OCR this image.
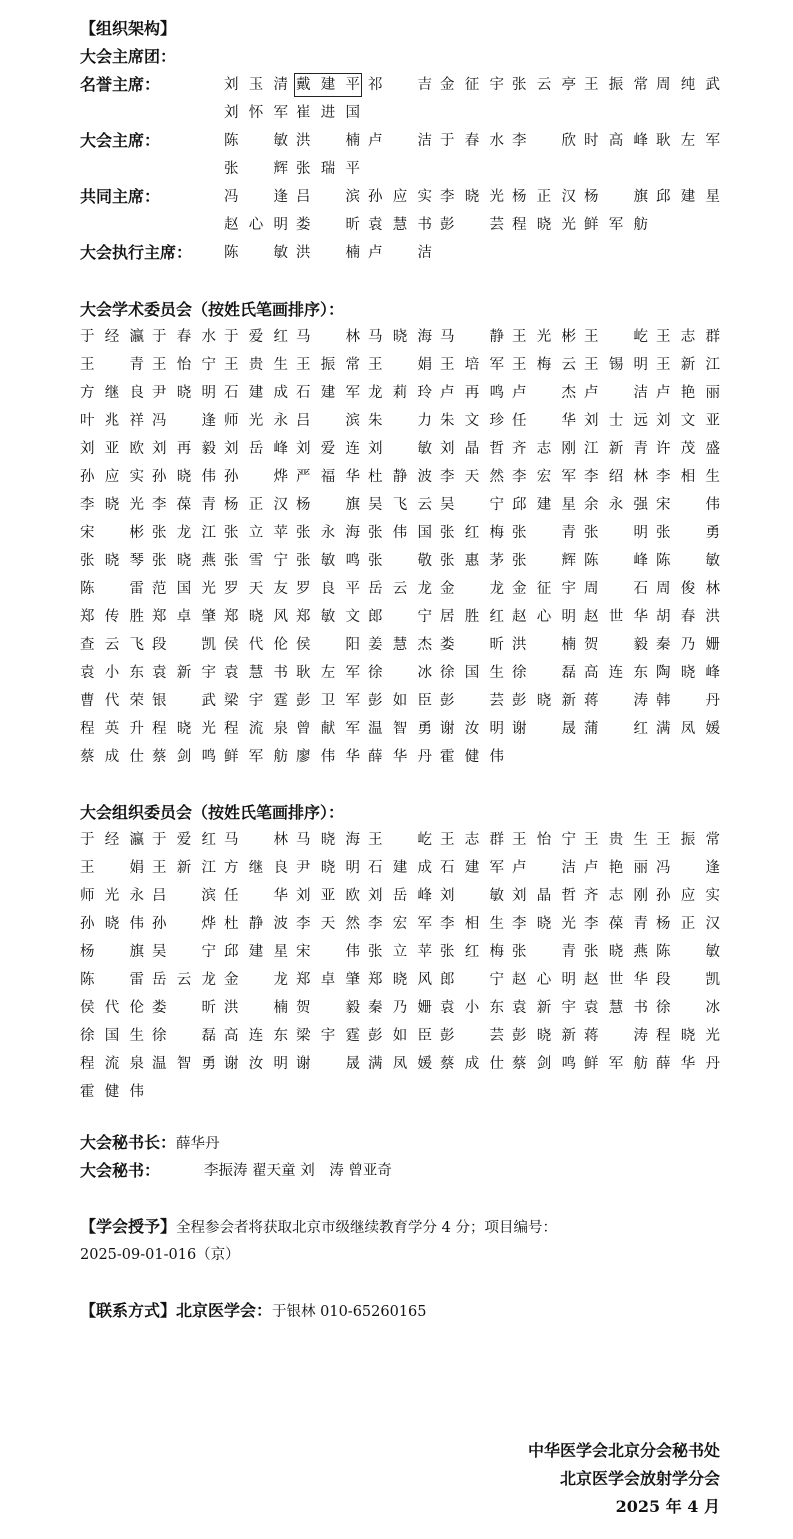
【组织架构】
大会主席团：
名誉主席：	刘玉清 戴建平 祁　吉 金征宇 张云亭 王振常 周纯武
刘怀军 崔进国
大会主席：	陈　敏 洪　楠 卢　洁 于春水 李　欣 时高峰 耿左军
张　辉 张瑞平
共同主席：	冯　逢 吕　滨 孙应实 李晓光 杨正汉 杨　旗 邱建星
赵心明 娄　昕 袁慧书 彭　芸 程晓光 鲜军舫
大会执行主席： 陈　敏 洪　楠 卢　洁
大会学术委员会（按姓氏笔画排序）：
于经瀛 于春水 于爱红 马　林 马晓海 马　静 王光彬 王　屹 王志群
王　青 王怡宁 王贵生 王振常 王　娟 王培军 王梅云 王锡明 王新江
方继良 尹晓明 石建成 石建军 龙莉玲 卢再鸣 卢　杰 卢　洁 卢艳丽
叶兆祥 冯　逢 师光永 吕　滨 朱　力 朱文珍 任　华 刘士远 刘文亚
刘亚欧 刘再毅 刘岳峰 刘爱连 刘　敏 刘晶哲 齐志刚 江新青 许茂盛
孙应实 孙晓伟 孙　烨 严福华 杜静波 李天然 李宏军 李绍林 李相生
李晓光 李葆青 杨正汉 杨　旗 吴飞云 吴　宁 邱建星 余永强 宋　伟
宋　彬 张龙江 张立苹 张永海 张伟国 张红梅 张　青 张　明 张　勇
张晓琴 张晓燕 张雪宁 张敏鸣 张　敬 张惠茅 张　辉 陈　峰 陈　敏
陈　雷 范国光 罗天友 罗良平 岳云龙 金　龙 金征宇 周　石 周俊林
郑传胜 郑卓肇 郑晓风 郑敏文 郎　宁 居胜红 赵心明 赵世华 胡春洪
查云飞 段　凯 侯代伦 侯　阳 姜慧杰 娄　昕 洪　楠 贺　毅 秦乃姗
袁小东 袁新宇 袁慧书 耿左军 徐　冰 徐国生 徐　磊 高连东 陶晓峰
曹代荣 银　武 梁宇霆 彭卫军 彭如臣 彭　芸 彭晓新 蒋　涛 韩　丹
程英升 程晓光 程流泉 曾献军 温智勇 谢汝明 谢　晟 蒲　红 满凤媛
蔡成仕 蔡剑鸣 鲜军舫 廖伟华 薛华丹 霍健伟
大会组织委员会（按姓氏笔画排序）：
于经瀛 于爱红 马　林 马晓海 王　屹 王志群 王怡宁 王贵生 王振常
王　娟 王新江 方继良 尹晓明 石建成 石建军 卢　洁 卢艳丽 冯　逢
师光永 吕　滨 任　华 刘亚欧 刘岳峰 刘　敏 刘晶哲 齐志刚 孙应实
孙晓伟 孙　烨 杜静波 李天然 李宏军 李相生 李晓光 李葆青 杨正汉
杨　旗 吴　宁 邱建星 宋　伟 张立苹 张红梅 张　青 张晓燕 陈　敏
陈　雷 岳云龙 金　龙 郑卓肇 郑晓风 郎　宁 赵心明 赵世华 段　凯
侯代伦 娄　昕 洪　楠 贺　毅 秦乃姗 袁小东 袁新宇 袁慧书 徐　冰
徐国生 徐　磊 高连东 梁宇霆 彭如臣 彭　芸 彭晓新 蒋　涛 程晓光
程流泉 温智勇 谢汝明 谢　晟 满凤媛 蔡成仕 蔡剑鸣 鲜军舫 薛华丹
霍健伟
大会秘书长：薛华丹
大会秘书：	李振涛 翟天童 刘　涛 曾亚奇
【学会授予】全程参会者将获取北京市级继续教育学分 4 分；项目编号：
2025-09-01-016（京）
【联系方式】北京医学会：于银林 010-65260165
中华医学会北京分会秘书处
北京医学会放射学分会
2025 年 4 月
